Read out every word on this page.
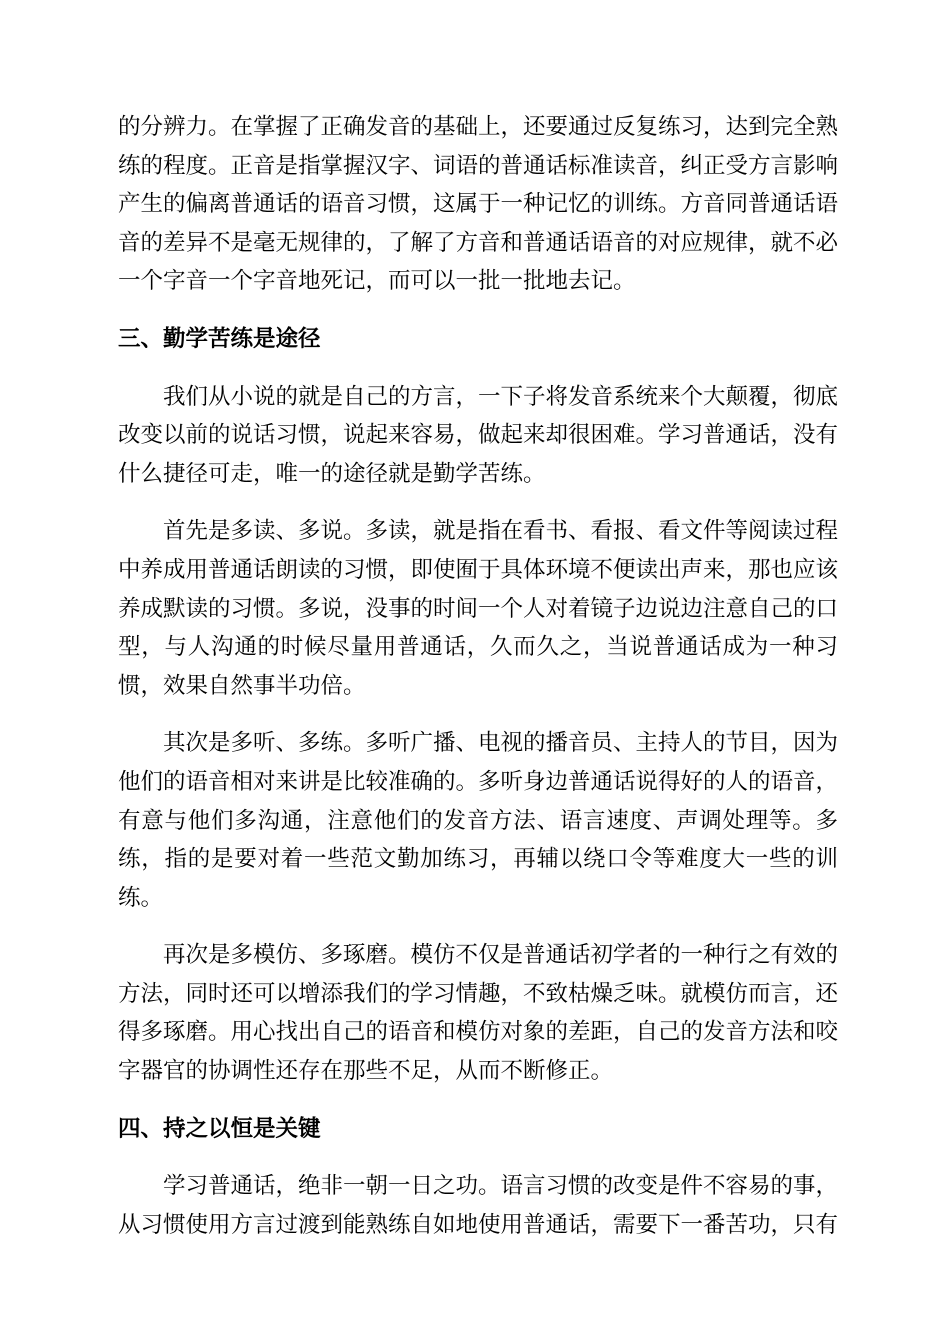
的分辨力。在掌握了正确发音的基础上，还要通过反复练习，达到完全熟练的程度。正音是指掌握汉字、词语的普通话标准读音，纠正受方言影响产生的偏离普通话的语音习惯，这属于一种记忆的训练。方音同普通话语音的差异不是毫无规律的，了解了方音和普通话语音的对应规律，就不必一个字音一个字音地死记，而可以一批一批地去记。

三、勤学苦练是途径

我们从小说的就是自己的方言，一下子将发音系统来个大颠覆，彻底改变以前的说话习惯，说起来容易，做起来却很困难。学习普通话，没有什么捷径可走，唯一的途径就是勤学苦练。

首先是多读、多说。多读，就是指在看书、看报、看文件等阅读过程中养成用普通话朗读的习惯，即使囿于具体环境不便读出声来，那也应该养成默读的习惯。多说，没事的时间一个人对着镜子边说边注意自己的口型，与人沟通的时候尽量用普通话，久而久之，当说普通话成为一种习惯，效果自然事半功倍。

其次是多听、多练。多听广播、电视的播音员、主持人的节目，因为他们的语音相对来讲是比较准确的。多听身边普通话说得好的人的语音，有意与他们多沟通，注意他们的发音方法、语言速度、声调处理等。多练，指的是要对着一些范文勤加练习，再辅以绕口令等难度大一些的训练。

再次是多模仿、多琢磨。模仿不仅是普通话初学者的一种行之有效的方法，同时还可以增添我们的学习情趣，不致枯燥乏味。就模仿而言，还得多琢磨。用心找出自己的语音和模仿对象的差距，自己的发音方法和咬字器官的协调性还存在那些不足，从而不断修正。

四、持之以恒是关键

学习普通话，绝非一朝一日之功。语言习惯的改变是件不容易的事，从习惯使用方言过渡到能熟练自如地使用普通话，需要下一番苦功，只有
